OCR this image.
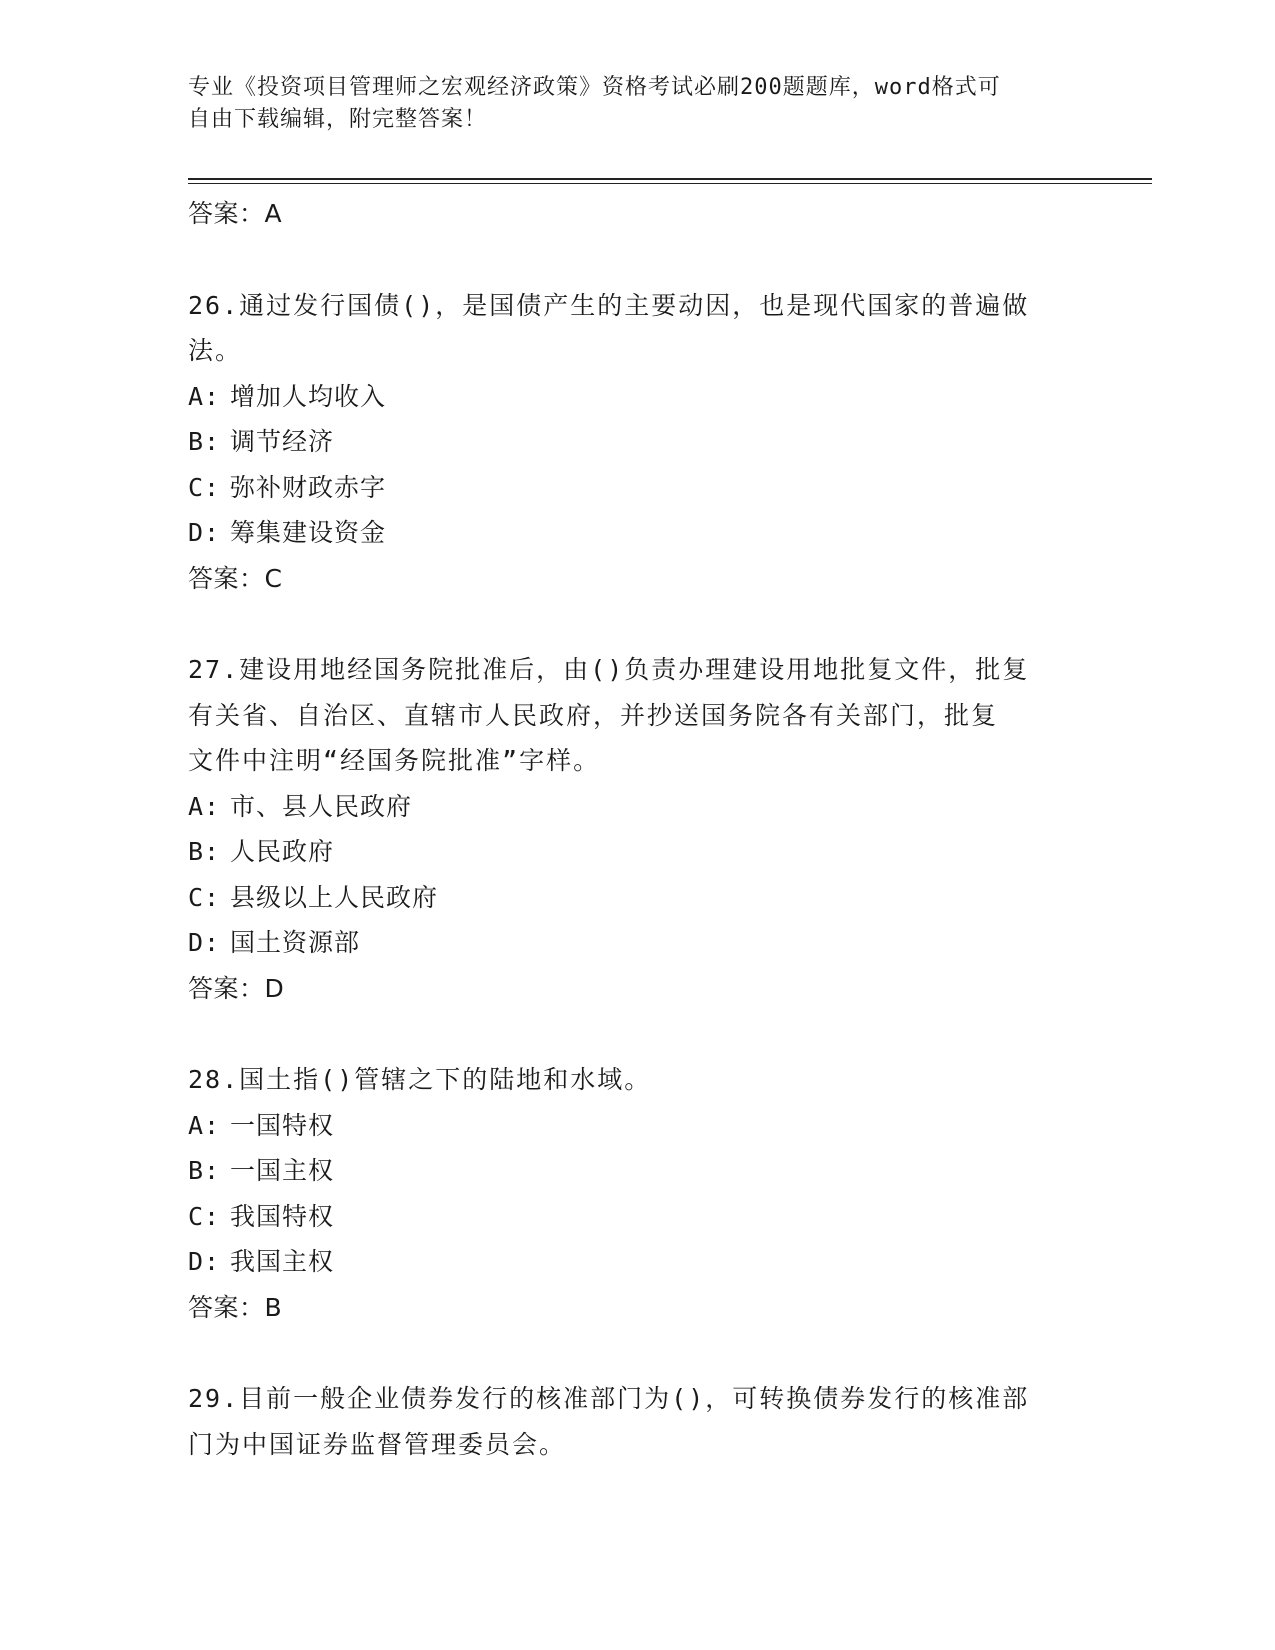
专业《投资项目管理师之宏观经济政策》资格考试必刷200题题库，word格式可
自由下载编辑，附完整答案！
答案：A
26.通过发行国债()，是国债产生的主要动因，也是现代国家的普遍做
法。
A: 增加人均收入
B: 调节经济
C: 弥补财政赤字
D: 筹集建设资金
答案：C
27.建设用地经国务院批准后，由()负责办理建设用地批复文件，批复
有关省、自治区、直辖市人民政府，并抄送国务院各有关部门，批复
文件中注明“经国务院批准”字样。
A: 市、县人民政府
B: 人民政府
C: 县级以上人民政府
D: 国土资源部
答案：D
28.国土指()管辖之下的陆地和水域。
A: 一国特权
B: 一国主权
C: 我国特权
D: 我国主权
答案：B
29.目前一般企业债券发行的核准部门为()，可转换债券发行的核准部
门为中国证券监督管理委员会。
